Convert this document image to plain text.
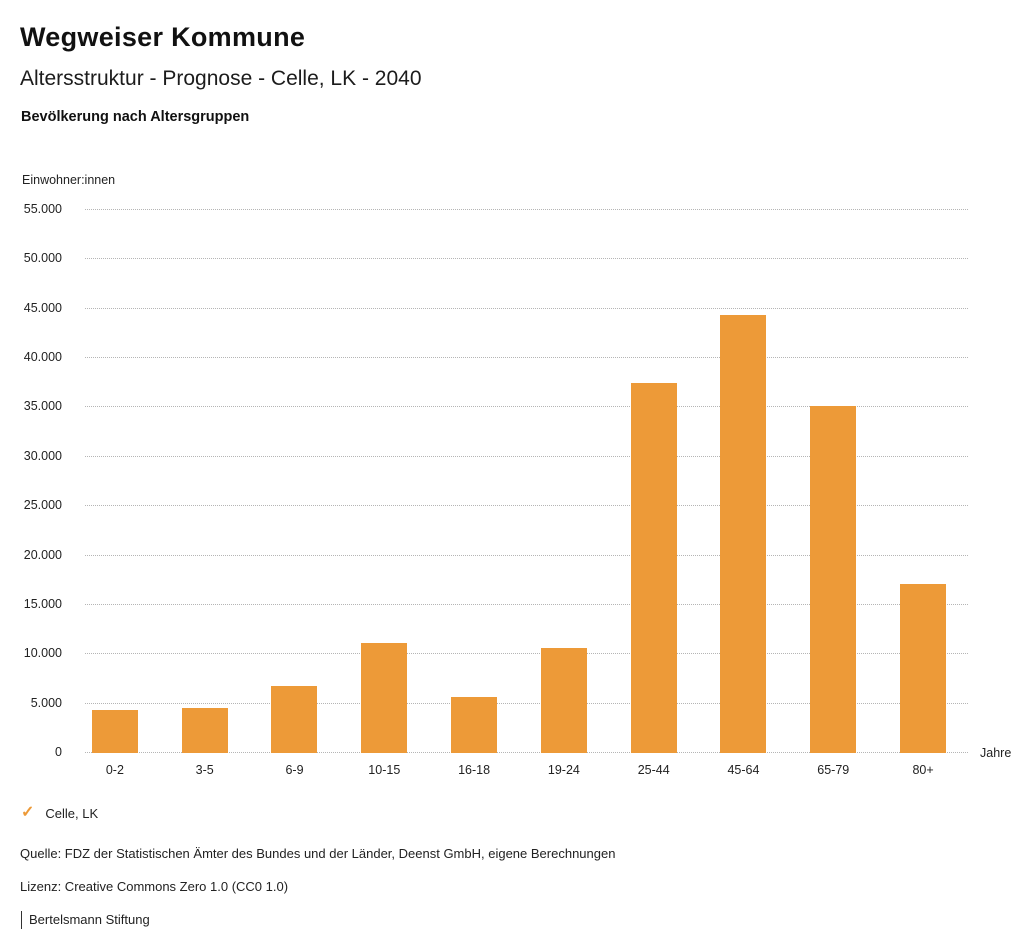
Wegweiser Kommune
Altersstruktur - Prognose - Celle, LK - 2040
Bevölkerung nach Altersgruppen
Einwohner:innen
0
5.000
10.000
15.000
20.000
25.000
30.000
35.000
40.000
45.000
50.000
55.000
Jahre
0-2	3-5	6-9	10-15	16-18	19-24	25-44	45-64	65-79	80+
✓ Celle, LK

Quelle: FDZ der Statistischen Ämter des Bundes und der Länder, Deenst GmbH, eigene Berechnungen

Lizenz: Creative Commons Zero 1.0 (CC0 1.0)

Bertelsmann Stiftung
